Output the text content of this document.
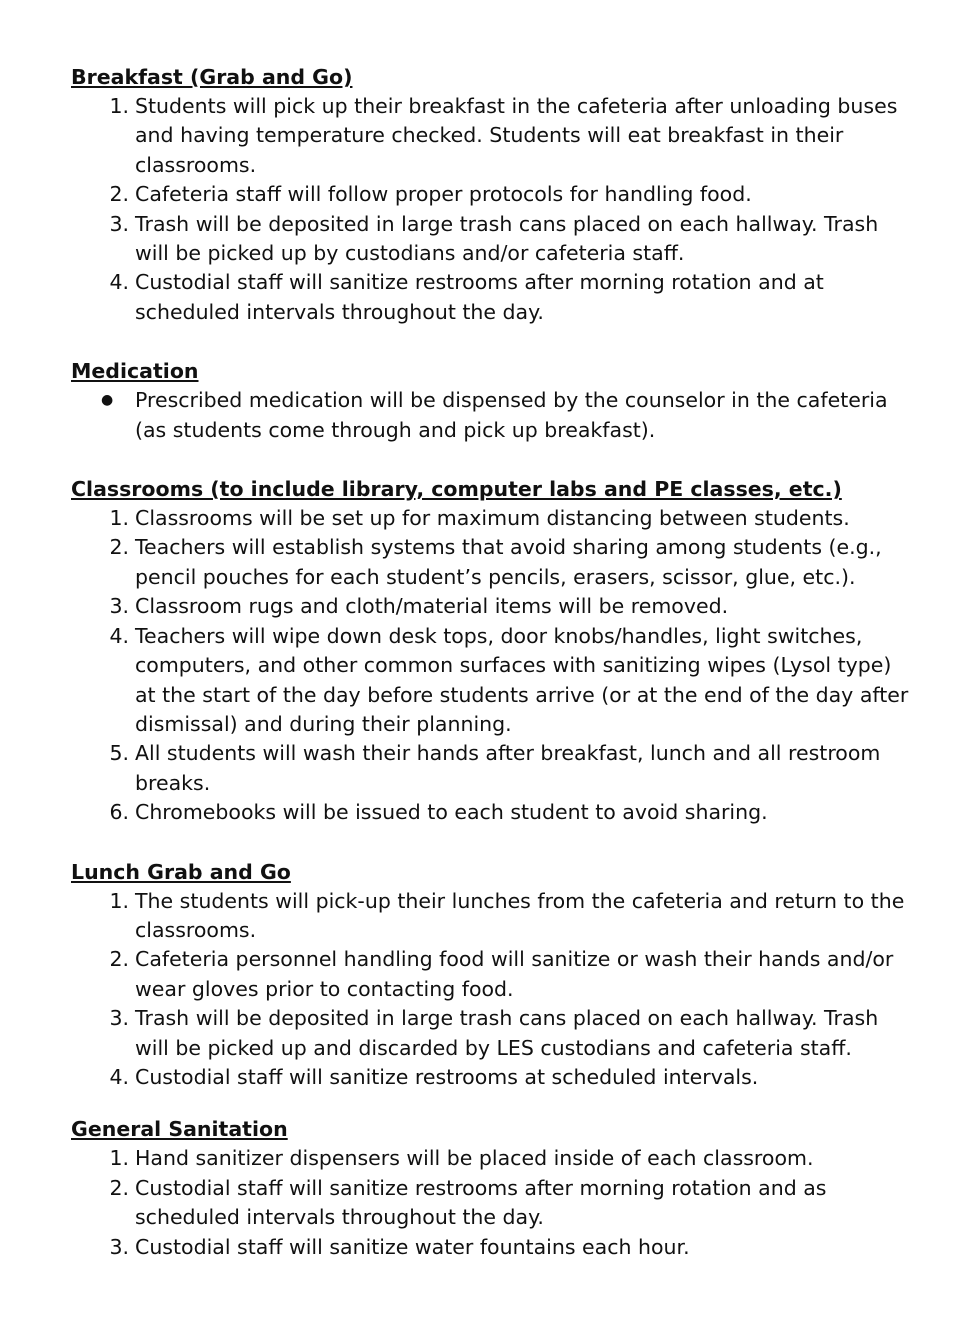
Breakfast (Grab and Go)
1. Students will pick up their breakfast in the cafeteria after unloading buses and having temperature checked. Students will eat breakfast in their classrooms.
2. Cafeteria staff will follow proper protocols for handling food.
3. Trash will be deposited in large trash cans placed on each hallway. Trash will be picked up by custodians and/or cafeteria staff.
4. Custodial staff will sanitize restrooms after morning rotation and at scheduled intervals throughout the day.
Medication
●	Prescribed medication will be dispensed by the counselor in the cafeteria (as students come through and pick up breakfast).
Classrooms (to include library, computer labs and PE classes, etc.)
1. Classrooms will be set up for maximum distancing between students.
2. Teachers will establish systems that avoid sharing among students (e.g., pencil pouches for each student’s pencils, erasers, scissor, glue, etc.).
3. Classroom rugs and cloth/material items will be removed.
4. Teachers will wipe down desk tops, door knobs/handles, light switches, computers, and other common surfaces with sanitizing wipes (Lysol type) at the start of the day before students arrive (or at the end of the day after dismissal) and during their planning.
5. All students will wash their hands after breakfast, lunch and all restroom breaks.
6. Chromebooks will be issued to each student to avoid sharing.
Lunch Grab and Go
1. The students will pick-up their lunches from the cafeteria and return to the classrooms.
2. Cafeteria personnel handling food will sanitize or wash their hands and/or wear gloves prior to contacting food.
3. Trash will be deposited in large trash cans placed on each hallway. Trash will be picked up and discarded by LES custodians and cafeteria staff.
4. Custodial staff will sanitize restrooms at scheduled intervals.
General Sanitation
1. Hand sanitizer dispensers will be placed inside of each classroom.
2. Custodial staff will sanitize restrooms after morning rotation and as scheduled intervals throughout the day.
3. Custodial staff will sanitize water fountains each hour.
